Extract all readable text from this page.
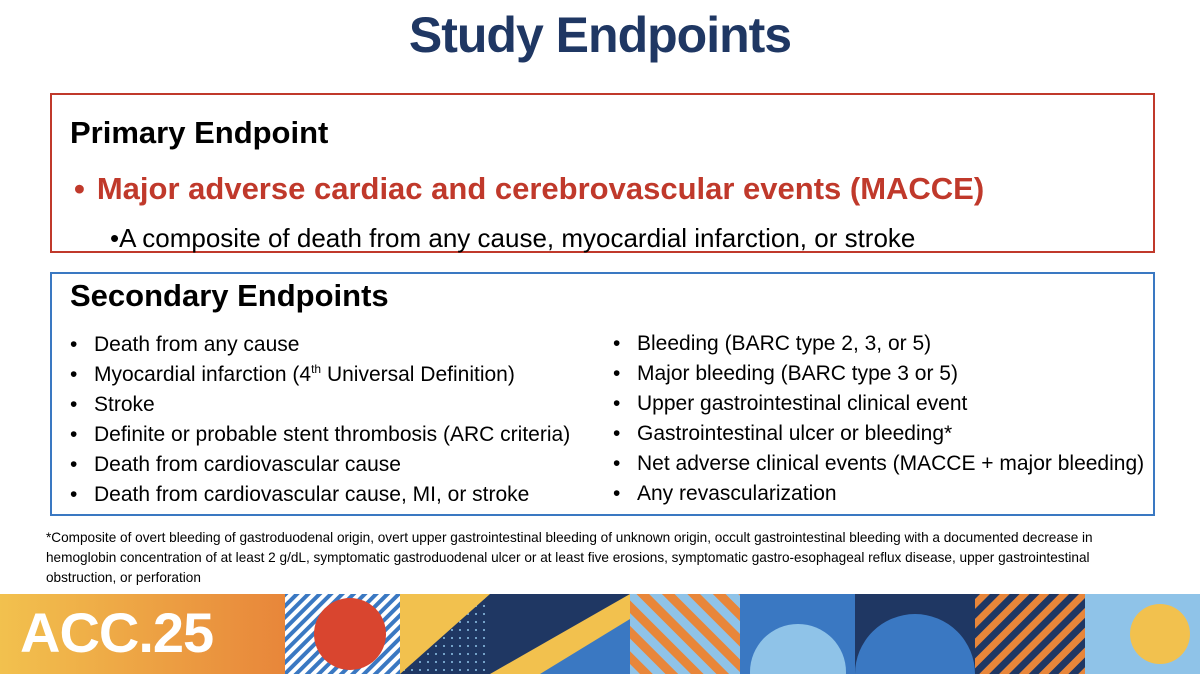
Study Endpoints
Primary Endpoint
• Major adverse cardiac and cerebrovascular events (MACCE)
•A composite of death from any cause, myocardial infarction, or stroke
Secondary Endpoints
• Death from any cause
• Myocardial infarction (4th Universal Definition)
• Stroke
• Definite or probable stent thrombosis (ARC criteria)
• Death from cardiovascular cause
• Death from cardiovascular cause, MI, or stroke
• Bleeding (BARC type 2, 3, or 5)
• Major bleeding (BARC type 3 or 5)
• Upper gastrointestinal clinical event
• Gastrointestinal ulcer or bleeding*
• Net adverse clinical events (MACCE + major bleeding)
• Any revascularization
*Composite of overt bleeding of gastroduodenal origin, overt upper gastrointestinal bleeding of unknown origin, occult gastrointestinal bleeding with a documented decrease in hemoglobin concentration of at least 2 g/dL, symptomatic gastroduodenal ulcer or at least five erosions, symptomatic gastro-esophageal reflux disease, upper gastrointestinal obstruction, or perforation
ACC.25
